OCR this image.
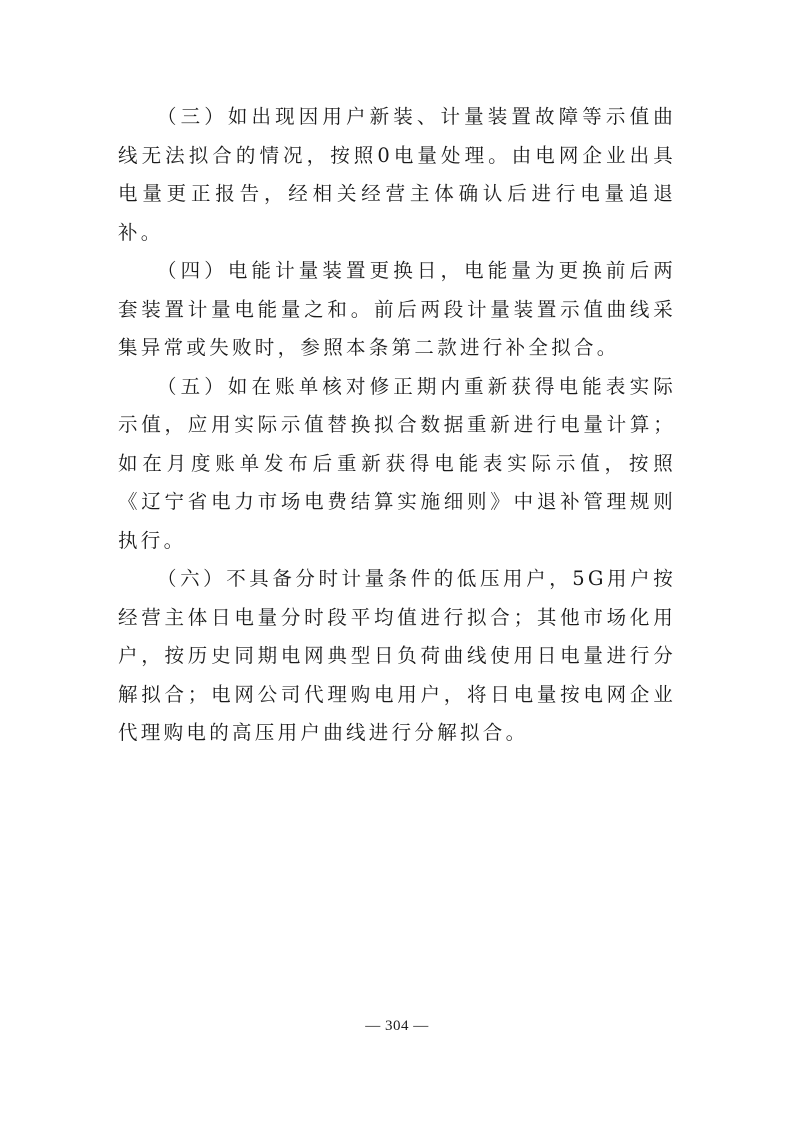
（三）如出现因用户新装、计量装置故障等示值曲线无法拟合的情况，按照0电量处理。由电网企业出具电量更正报告，经相关经营主体确认后进行电量追退补。

（四）电能计量装置更换日，电能量为更换前后两套装置计量电能量之和。前后两段计量装置示值曲线采集异常或失败时，参照本条第二款进行补全拟合。

（五）如在账单核对修正期内重新获得电能表实际示值，应用实际示值替换拟合数据重新进行电量计算；如在月度账单发布后重新获得电能表实际示值，按照《辽宁省电力市场电费结算实施细则》中退补管理规则执行。

（六）不具备分时计量条件的低压用户，5G用户按经营主体日电量分时段平均值进行拟合；其他市场化用户，按历史同期电网典型日负荷曲线使用日电量进行分解拟合；电网公司代理购电用户，将日电量按电网企业代理购电的高压用户曲线进行分解拟合。

— 304 —
